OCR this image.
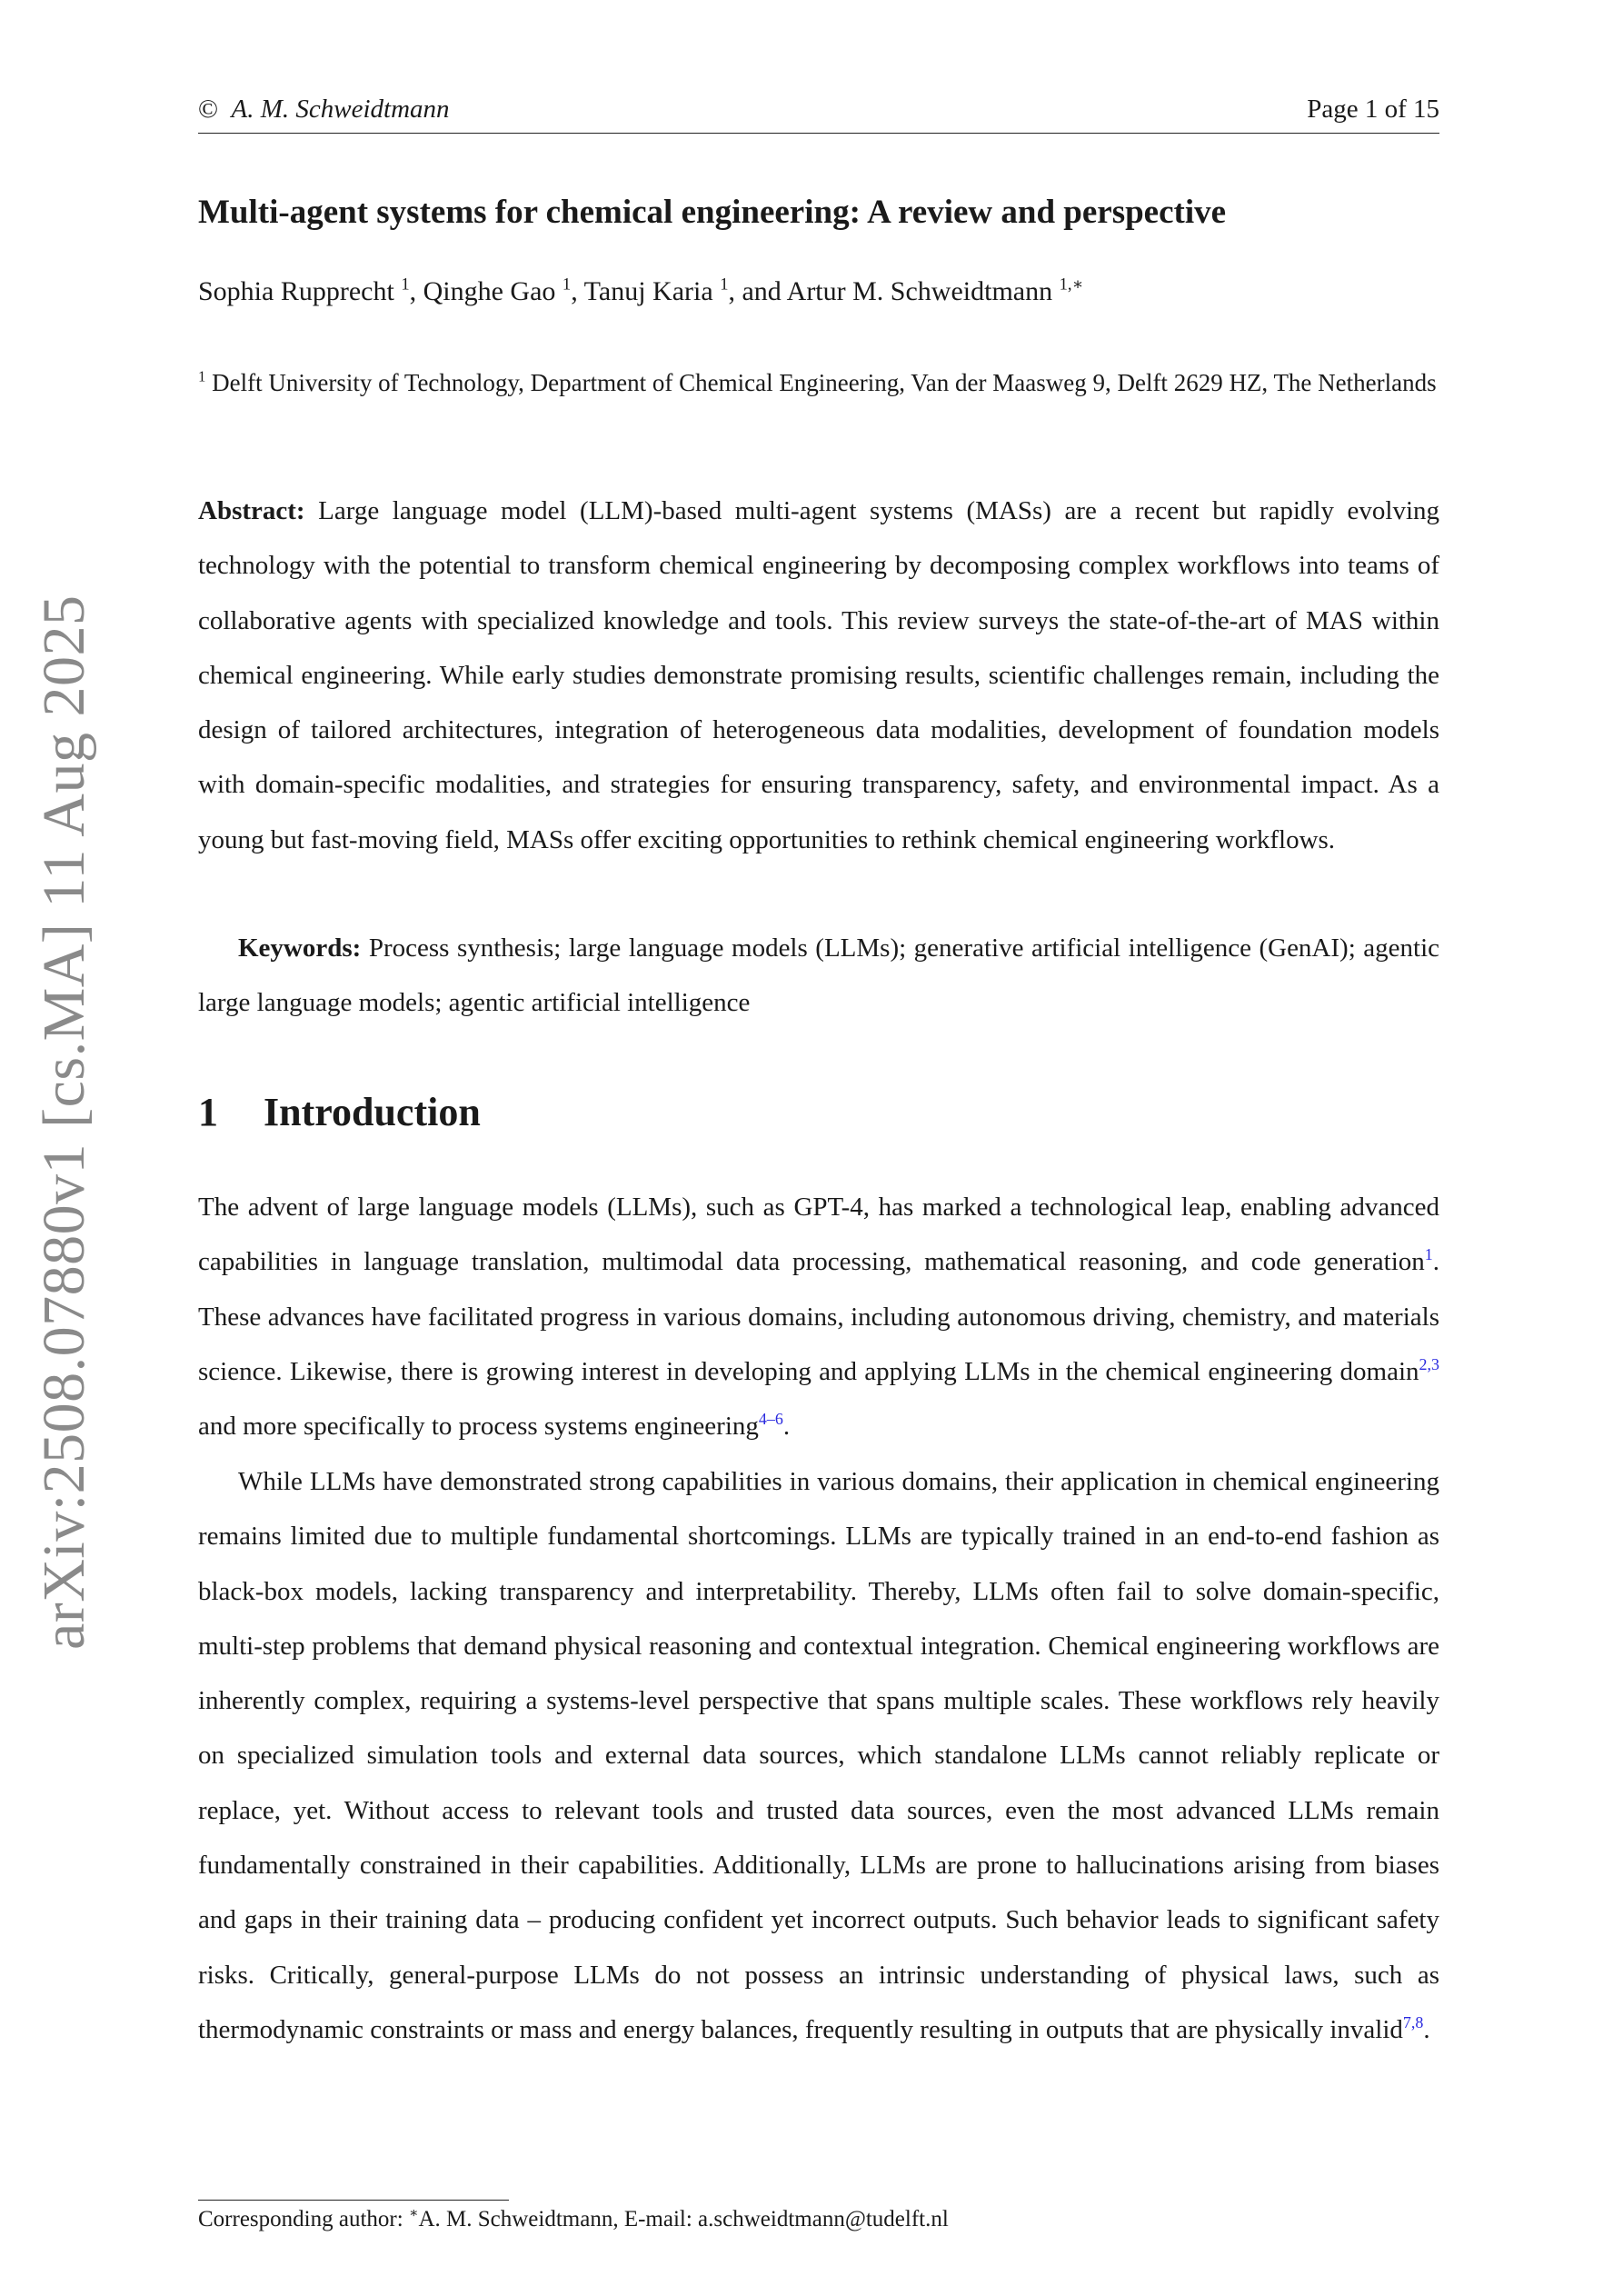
© A. M. Schweidtmann	Page 1 of 15
arXiv:2508.07880v1 [cs.MA] 11 Aug 2025
Multi-agent systems for chemical engineering: A review and perspective
Sophia Rupprecht $^1$, Qinghe Gao $^1$, Tanuj Karia $^1$, and Artur M. Schweidtmann $^{1,∗}$
$^1$ Delft University of Technology, Department of Chemical Engineering, Van der Maasweg 9, Delft 2629 HZ, The Netherlands
Abstract: Large language model (LLM)-based multi-agent systems (MASs) are a recent but rapidly evolving technology with the potential to transform chemical engineering by decomposing complex workflows into teams of collaborative agents with specialized knowledge and tools. This review surveys the state-of-the-art of MAS within chemical engineering. While early studies demonstrate promising results, scientific challenges remain, including the design of tailored architectures, integration of heterogeneous data modalities, development of foundation models with domain-specific modalities, and strategies for ensuring transparency, safety, and environmental impact. As a young but fast-moving field, MASs offer exciting opportunities to rethink chemical engineering workflows.
Keywords: Process synthesis; large language models (LLMs); generative artificial intelligence (GenAI); agentic large language models; agentic artificial intelligence
1 Introduction
The advent of large language models (LLMs), such as GPT-4, has marked a technological leap, enabling advanced capabilities in language translation, multimodal data processing, mathematical reasoning, and code generation$^1$. These advances have facilitated progress in various domains, including autonomous driving, chemistry, and materials science. Likewise, there is growing interest in developing and applying LLMs in the chemical engineering domain$^{2,3}$ and more specifically to process systems engineering$^{4-6}$.
While LLMs have demonstrated strong capabilities in various domains, their application in chemical engineering remains limited due to multiple fundamental shortcomings. LLMs are typically trained in an end-to-end fashion as black-box models, lacking transparency and interpretability. Thereby, LLMs often fail to solve domain-specific, multi-step problems that demand physical reasoning and contextual integration. Chemical engineering workflows are inherently complex, requiring a systems-level perspective that spans multiple scales. These workflows rely heavily on specialized simulation tools and external data sources, which standalone LLMs cannot reliably replicate or replace, yet. Without access to relevant tools and trusted data sources, even the most advanced LLMs remain fundamentally constrained in their capabilities. Additionally, LLMs are prone to hallucinations arising from biases and gaps in their training data – producing confident yet incorrect outputs. Such behavior leads to significant safety risks. Critically, general-purpose LLMs do not possess an intrinsic understanding of physical laws, such as thermodynamic constraints or mass and energy balances, frequently resulting in outputs that are physically invalid$^{7,8}$.
Corresponding author: ∗A. M. Schweidtmann, E-mail: a.schweidtmann@tudelft.nl
